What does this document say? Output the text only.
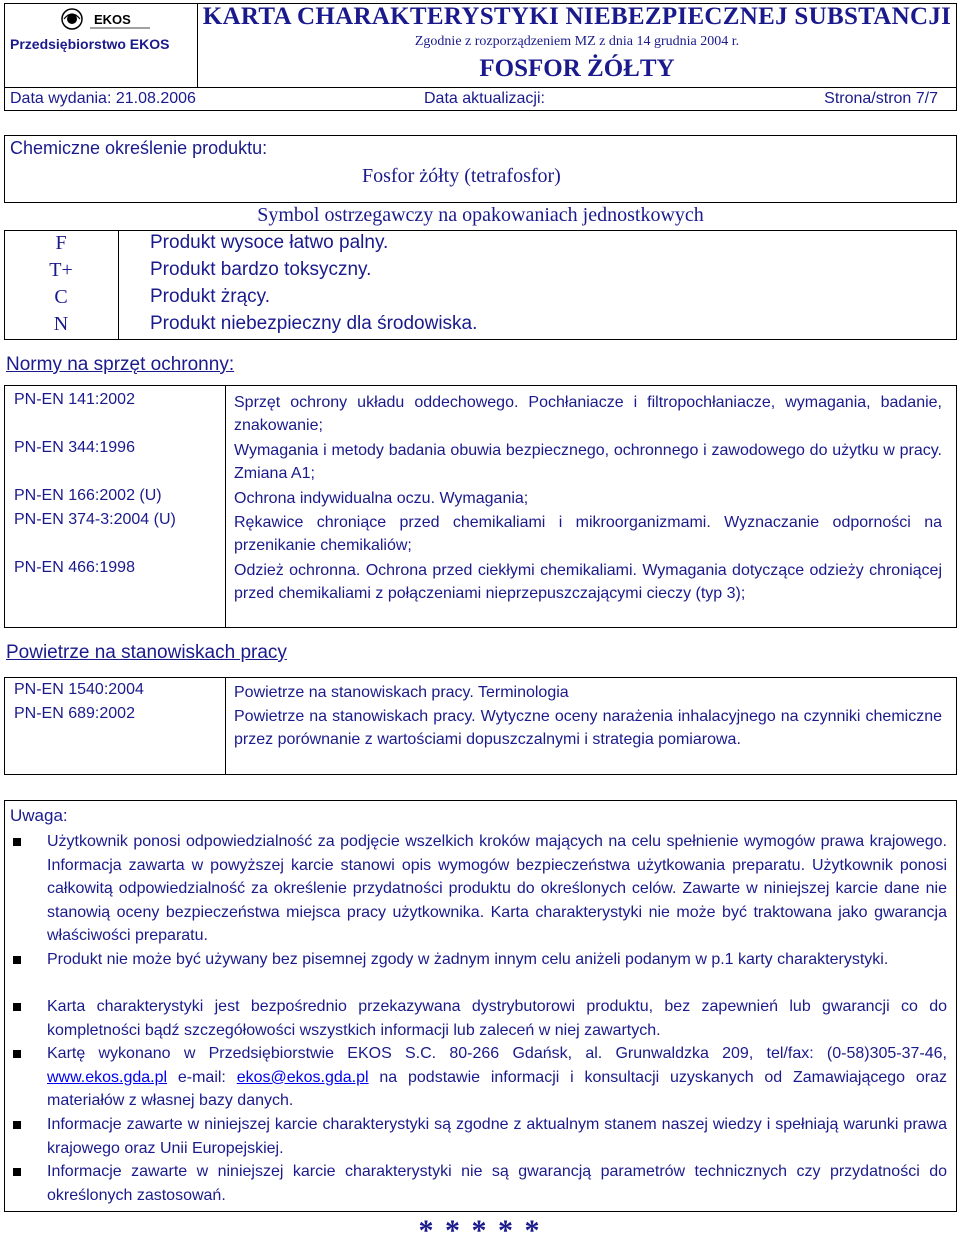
EKOS
Przedsiębiorstwo EKOS
KARTA CHARAKTERYSTYKI NIEBEZPIECZNEJ SUBSTANCJI
Zgodnie z rozporządzeniem MZ z dnia 14 grudnia 2004 r.
FOSFOR ŻÓŁTY
Data wydania: 21.08.2006	Data aktualizacji:	Strona/stron 7/7
Chemiczne określenie produktu:
Fosfor żółty (tetrafosfor)
Symbol ostrzegawczy na opakowaniach jednostkowych
F	Produkt wysoce łatwo palny.
T+	Produkt bardzo toksyczny.
C	Produkt żrący.
N	Produkt niebezpieczny dla środowiska.
Normy na sprzęt ochronny:
PN-EN 141:2002	Sprzęt ochrony układu oddechowego. Pochłaniacze i filtropochłaniacze, wymagania, badanie, znakowanie;
PN-EN 344:1996	Wymagania i metody badania obuwia bezpiecznego, ochronnego i zawodowego do użytku w pracy. Zmiana A1;
PN-EN 166:2002 (U)	Ochrona indywidualna oczu. Wymagania;
PN-EN 374-3:2004 (U)	Rękawice chroniące przed chemikaliami i mikroorganizmami. Wyznaczanie odporności na przenikanie chemikaliów;
PN-EN 466:1998	Odzież ochronna. Ochrona przed ciekłymi chemikaliami. Wymagania dotyczące odzieży chroniącej przed chemikaliami z połączeniami nieprzepuszczającymi cieczy (typ 3);
Powietrze na stanowiskach pracy
PN-EN 1540:2004	Powietrze na stanowiskach pracy. Terminologia
PN-EN 689:2002	Powietrze na stanowiskach pracy. Wytyczne oceny narażenia inhalacyjnego na czynniki chemiczne przez porównanie z wartościami dopuszczalnymi i strategia pomiarowa.
Uwaga:
Użytkownik ponosi odpowiedzialność za podjęcie wszelkich kroków mających na celu spełnienie wymogów prawa krajowego. Informacja zawarta w powyższej karcie stanowi opis wymogów bezpieczeństwa użytkowania preparatu. Użytkownik ponosi całkowitą odpowiedzialność za określenie przydatności produktu do określonych celów. Zawarte w niniejszej karcie dane nie stanowią oceny bezpieczeństwa miejsca pracy użytkownika. Karta charakterystyki nie może być traktowana jako gwarancja właściwości preparatu.
Produkt nie może być używany bez pisemnej zgody w żadnym innym celu aniżeli podanym w p.1 karty charakterystyki.
Karta charakterystyki jest bezpośrednio przekazywana dystrybutorowi produktu, bez zapewnień lub gwarancji co do kompletności bądź szczegółowości wszystkich informacji lub zaleceń w niej zawartych.
Kartę wykonano w Przedsiębiorstwie EKOS S.C. 80-266 Gdańsk, al. Grunwaldzka 209, tel/fax: (0-58)305-37-46, www.ekos.gda.pl e-mail: ekos@ekos.gda.pl na podstawie informacji i konsultacji uzyskanych od Zamawiającego oraz materiałów z własnej bazy danych.
Informacje zawarte w niniejszej karcie charakterystyki są zgodne z aktualnym stanem naszej wiedzy i spełniają warunki prawa krajowego oraz Unii Europejskiej.
Informacje zawarte w niniejszej karcie charakterystyki nie są gwarancją parametrów technicznych czy przydatności do określonych zastosowań.
* * * * *
